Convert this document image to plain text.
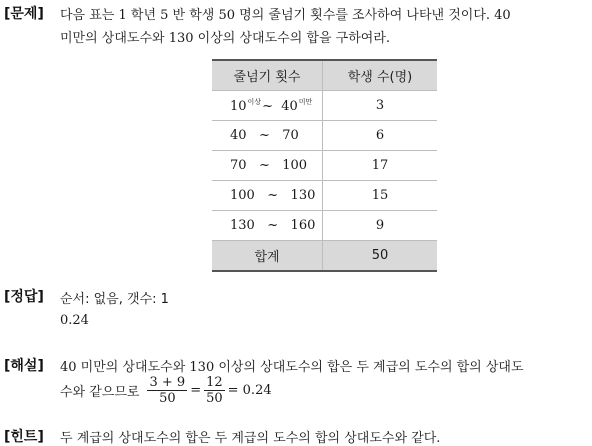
[문제] 다음 표는 1 학년 5 반 학생 50 명의 줄넘기 횟수를 조사하여 나타낸 것이다. 40
미만의 상대도수와 130 이상의 상대도수의 합을 구하여라.
줄넘기 횟수	학생 수(명)
$10^{이상}\sim$ $40^{미만}$	3
40 ~ 70	6
70 ~ 100	17
100 ~ 130	15
130 ~ 160	9
합계	50
[정답] 순서: 없음, 갯수: 1
0.24
[해설] 40 미만의 상대도수와 130 이상의 상대도수의 합은 두 계급의 도수의 합의 상대도
수와 같으므로 $\frac{3 + 9}{50} = \frac{12}{50} = 0.24$
[힌트] 두 계급의 상대도수의 합은 두 계급의 도수의 합의 상대도수와 같다.
